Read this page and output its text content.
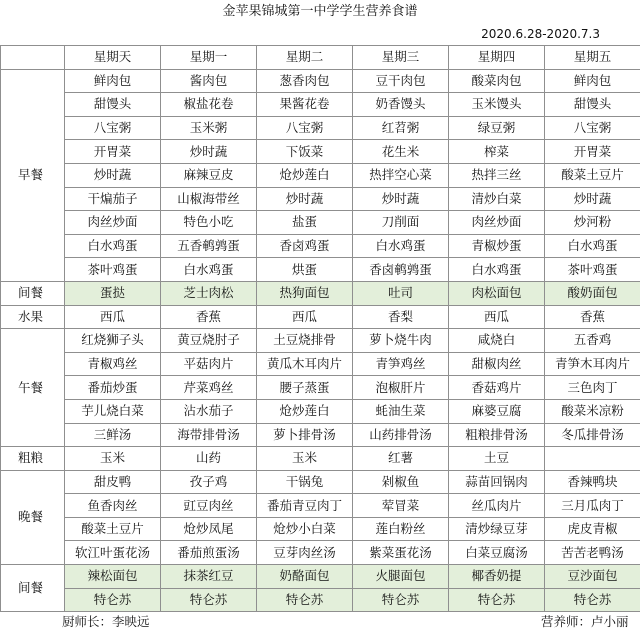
金苹果锦城第一中学学生营养食谱
2020.6.28-2020.7.3
	星期天	星期一	星期二	星期三	星期四	星期五
早餐	鲜肉包	酱肉包	葱香肉包	豆干肉包	酸菜肉包	鲜肉包
	甜馒头	椒盐花卷	果酱花卷	奶香馒头	玉米馒头	甜馒头
	八宝粥	玉米粥	八宝粥	红苕粥	绿豆粥	八宝粥
	开胃菜	炒时蔬	下饭菜	花生米	榨菜	开胃菜
	炒时蔬	麻辣豆皮	炝炒莲白	热拌空心菜	热拌三丝	酸菜土豆片
	干煸茄子	山椒海带丝	炒时蔬	炒时蔬	清炒白菜	炒时蔬
	肉丝炒面	特色小吃	盐蛋	刀削面	肉丝炒面	炒河粉
	白水鸡蛋	五香鹌鹑蛋	香卤鸡蛋	白水鸡蛋	青椒炒蛋	白水鸡蛋
	茶叶鸡蛋	白水鸡蛋	烘蛋	香卤鹌鹑蛋	白水鸡蛋	茶叶鸡蛋
间餐	蛋挞	芝士肉松	热狗面包	吐司	肉松面包	酸奶面包
水果	西瓜	香蕉	西瓜	香梨	西瓜	香蕉
午餐	红烧狮子头	黄豆烧肘子	土豆烧排骨	萝卜烧牛肉	咸烧白	五香鸡
	青椒鸡丝	平菇肉片	黄瓜木耳肉片	青笋鸡丝	甜椒肉丝	青笋木耳肉片
	番茄炒蛋	芹菜鸡丝	腰子蒸蛋	泡椒肝片	香菇鸡片	三色肉丁
	芋儿烧白菜	沾水茄子	炝炒莲白	蚝油生菜	麻婆豆腐	酸菜米凉粉
	三鲜汤	海带排骨汤	萝卜排骨汤	山药排骨汤	粗粮排骨汤	冬瓜排骨汤
粗粮	玉米	山药	玉米	红薯	土豆	
晚餐	甜皮鸭	孜子鸡	干锅兔	剁椒鱼	蒜苗回锅肉	香辣鸭块
	鱼香肉丝	豇豆肉丝	番茄青豆肉丁	荤冒菜	丝瓜肉片	三月瓜肉丁
	酸菜土豆片	炝炒凤尾	炝炒小白菜	莲白粉丝	清炒绿豆芽	虎皮青椒
	软江叶蛋花汤	番茄煎蛋汤	豆芽肉丝汤	紫菜蛋花汤	白菜豆腐汤	苦苦老鸭汤
间餐	辣松面包	抹茶红豆	奶酪面包	火腿面包	椰香奶提	豆沙面包
	特仑苏	特仑苏	特仑苏	特仑苏	特仑苏	特仑苏
厨师长：李映远	营养师：卢小丽
